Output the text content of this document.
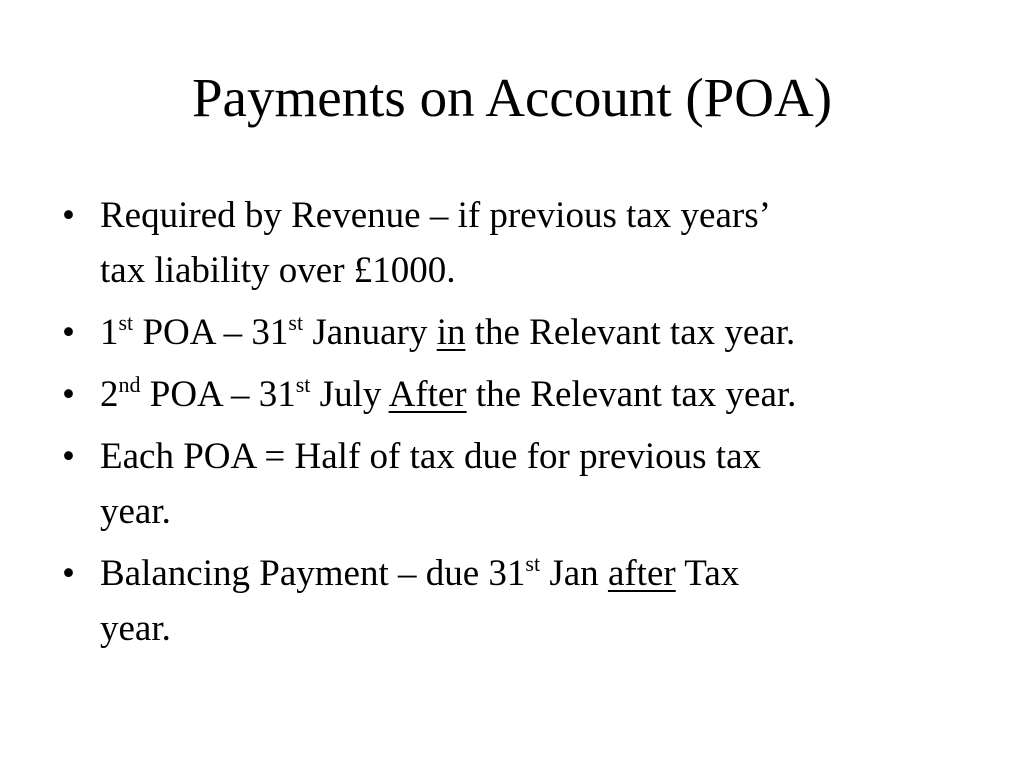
Payments on Account (POA)
• Required by Revenue – if previous tax years’
tax liability over £1000.
• 1st POA – 31st January in the Relevant tax year.
• 2nd POA – 31st July After the Relevant tax year.
• Each POA = Half of tax due for previous tax
year.
• Balancing Payment – due 31st Jan after Tax
year.
